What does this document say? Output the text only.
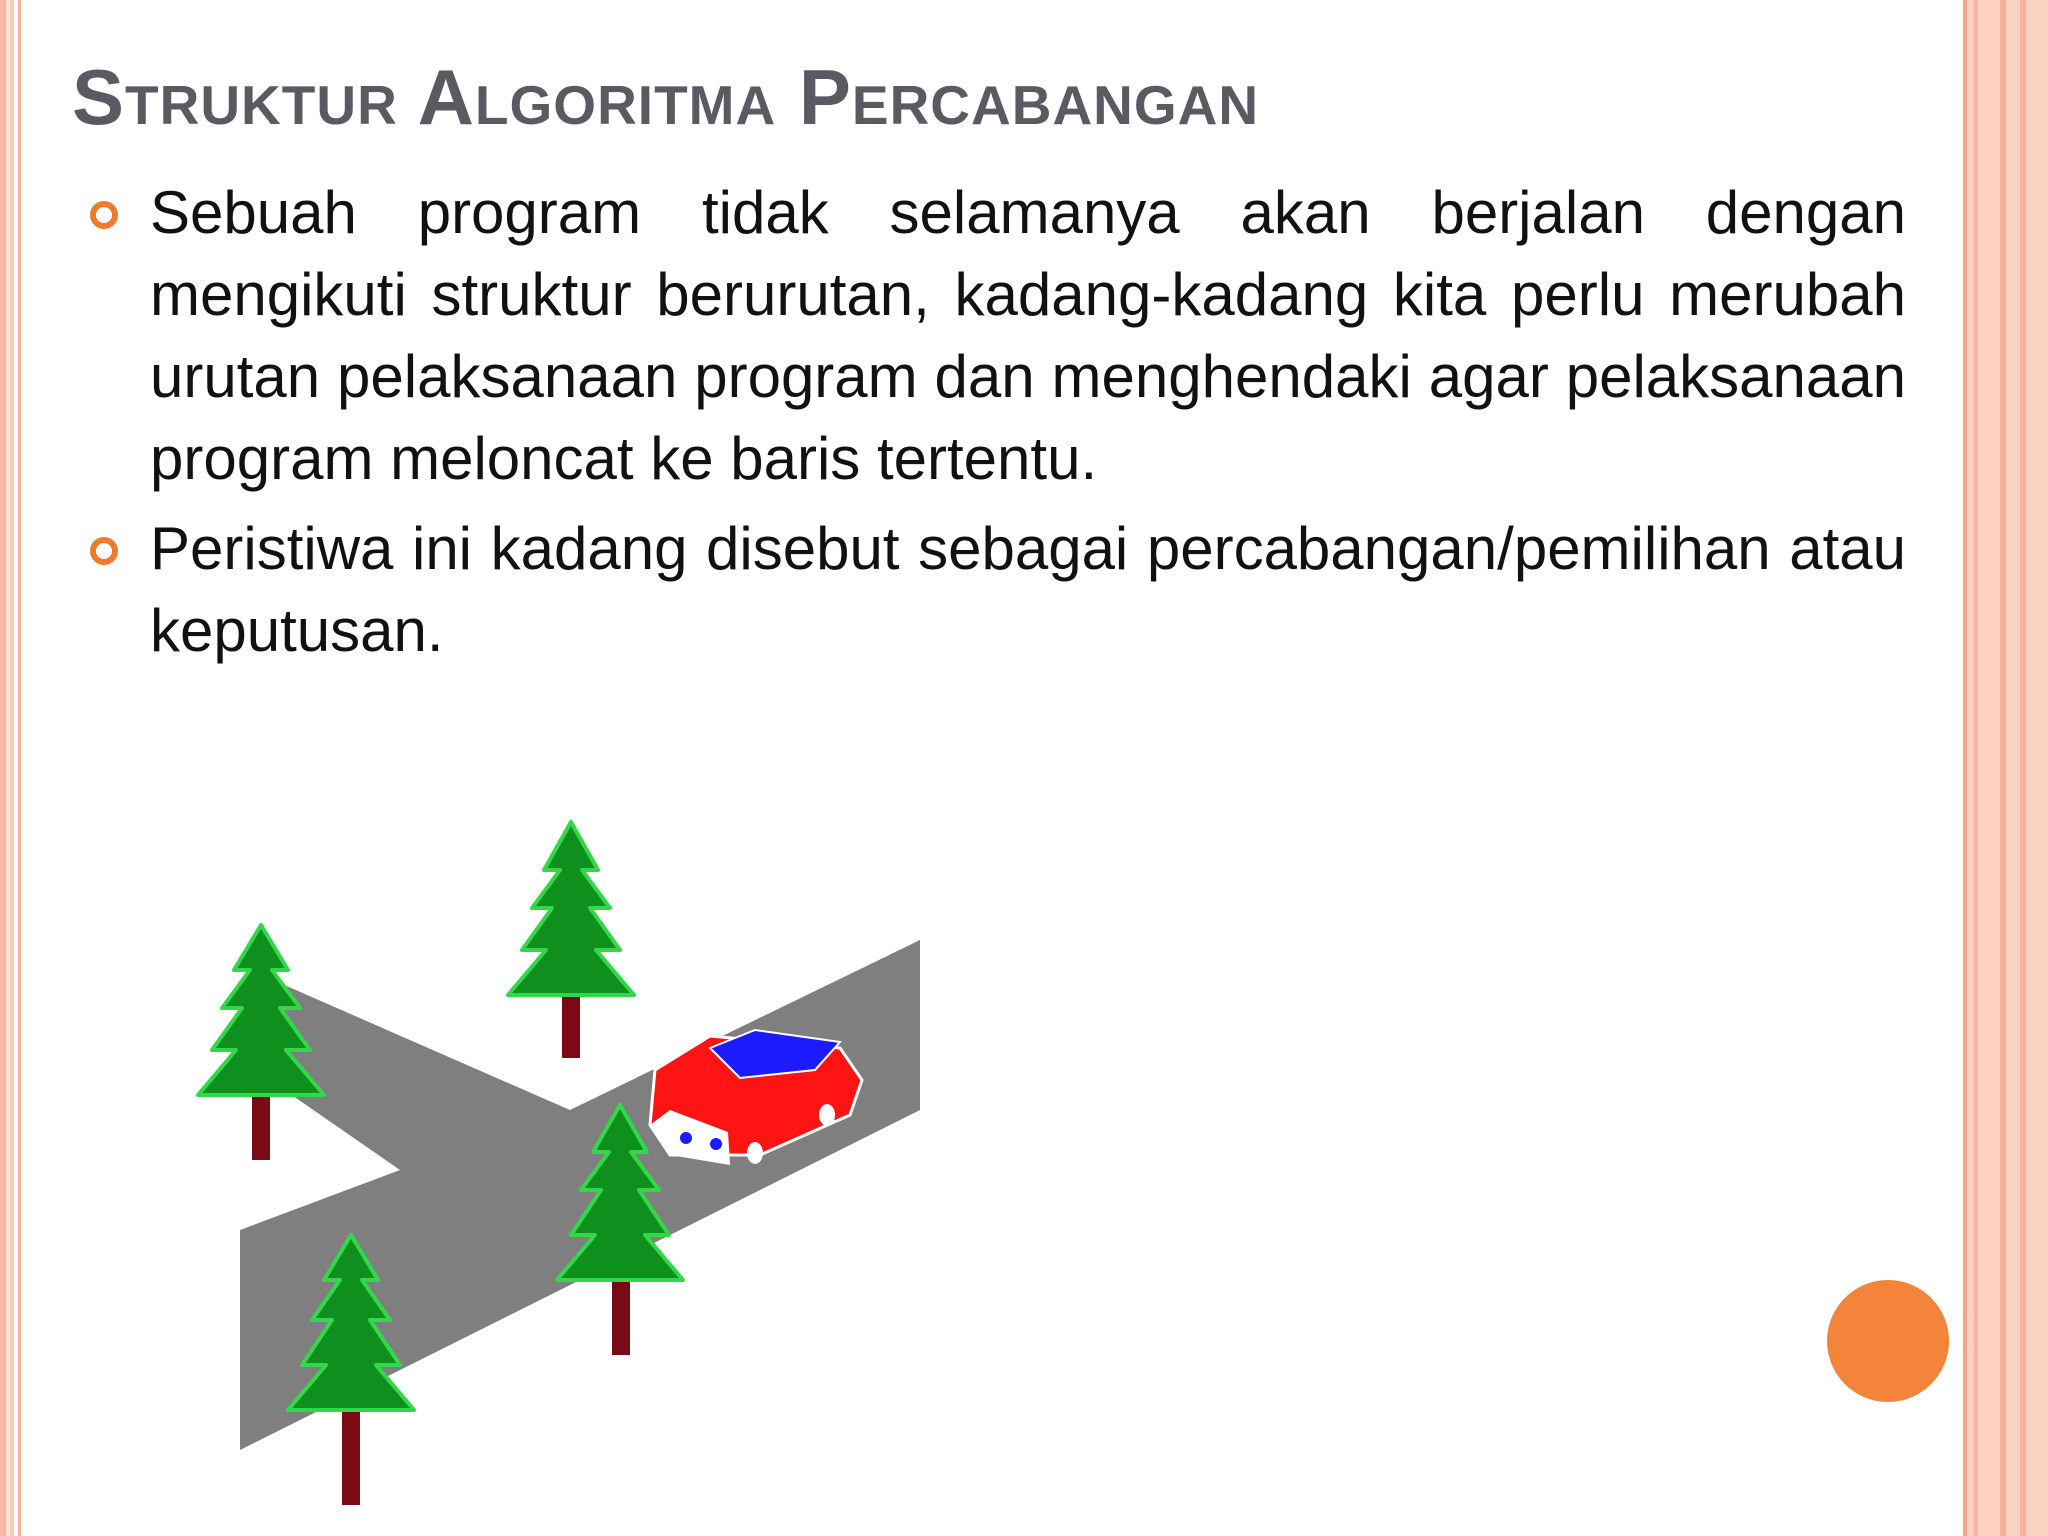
Struktur Algoritma Percabangan
Sebuah program tidak selamanya akan berjalan dengan mengikuti struktur berurutan, kadang-kadang kita perlu merubah urutan pelaksanaan program dan menghendaki agar pelaksanaan program meloncat ke baris tertentu.
Peristiwa ini kadang disebut sebagai percabangan/pemilihan atau keputusan.
